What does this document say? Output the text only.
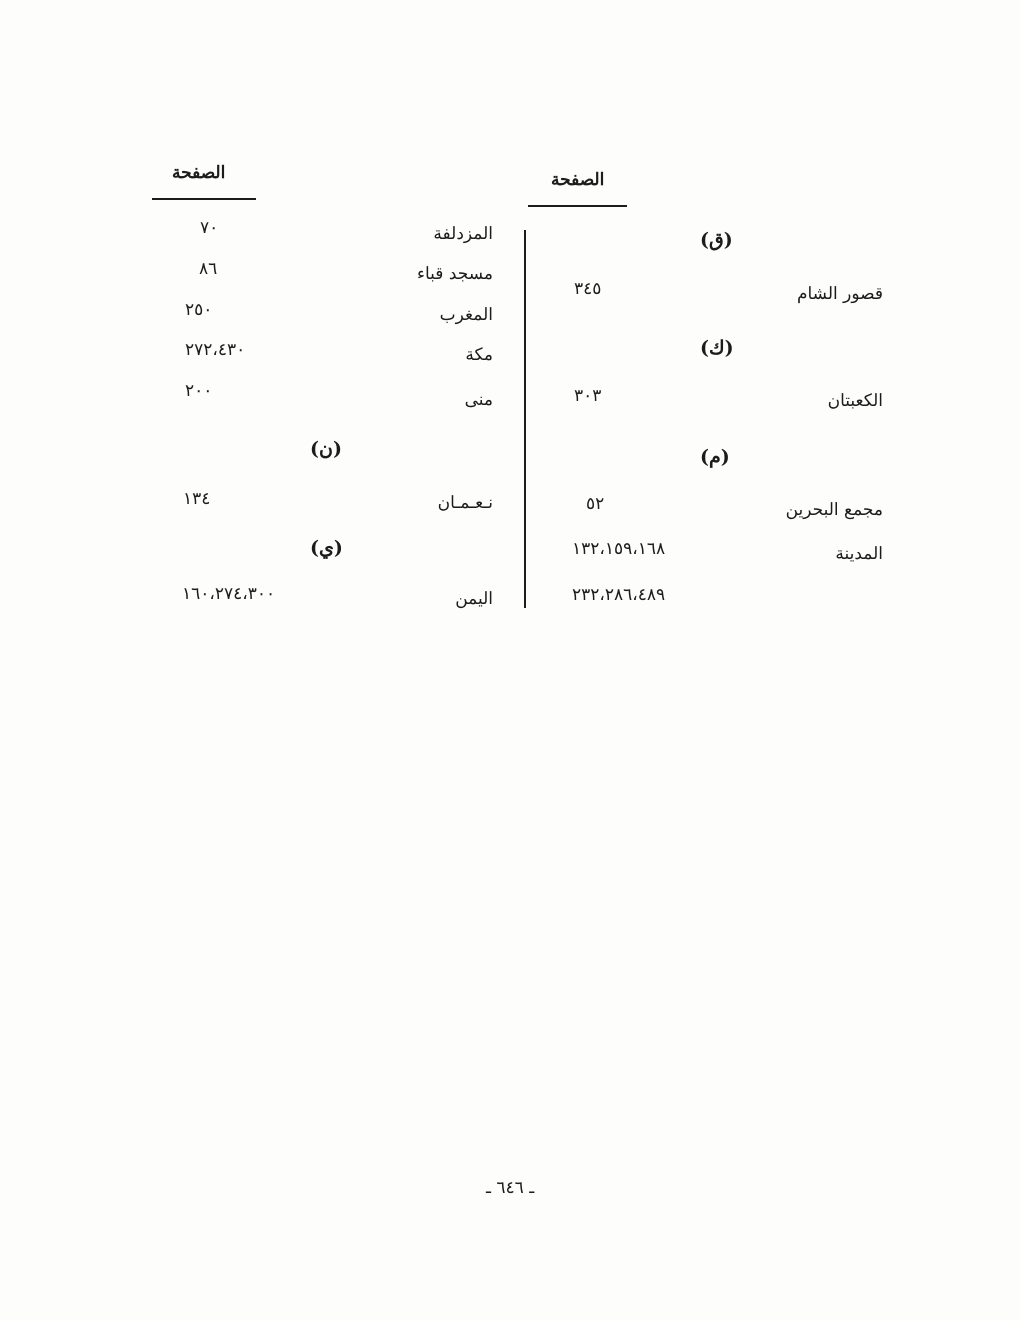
الصفحة	الصفحة
المزدلفة
٧٠
مسجد قباء
٨٦
المغرب
٢٥٠
مكة
٢٧٢،٤٣٠
منى
٢٠٠
(ن)
نـعـمـان
١٣٤
(ي)
اليمن
١٦٠،٢٧٤،٣٠٠
(ق)
قصور الشام
٣٤٥
(ك)
الكعبتان
٣٠٣
(م)
مجمع البحرين
٥٢
المدينة
١٣٢،١٥٩،١٦٨
٢٣٢،٢٨٦،٤٨٩
ـ ٦٤٦ ـ
